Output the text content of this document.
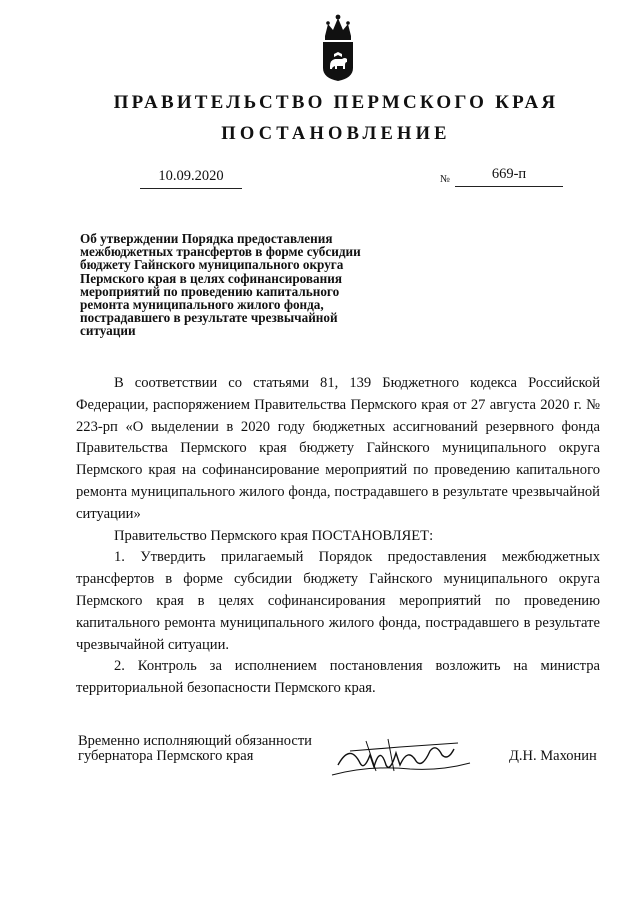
ПРАВИТЕЛЬСТВО ПЕРМСКОГО КРАЯ
ПОСТАНОВЛЕНИЕ
10.09.2020	№	669-п
Об утверждении Порядка предоставления
межбюджетных трансфертов в форме субсидии
бюджету Гайнского муниципального округа
Пермского края в целях софинансирования
мероприятий по проведению капитального
ремонта муниципального жилого фонда,
пострадавшего в результате чрезвычайной
ситуации
В соответствии со статьями 81, 139 Бюджетного кодекса Российской Федерации, распоряжением Правительства Пермского края от 27 августа 2020 г. № 223-рп «О выделении в 2020 году бюджетных ассигнований резервного фонда Правительства Пермского края бюджету Гайнского муниципального округа Пермского края на софинансирование мероприятий по проведению капитального ремонта муниципального жилого фонда, пострадавшего в результате чрезвычайной ситуации»
Правительство Пермского края ПОСТАНОВЛЯЕТ:
1. Утвердить прилагаемый Порядок предоставления межбюджетных трансфертов в форме субсидии бюджету Гайнского муниципального округа Пермского края в целях софинансирования мероприятий по проведению капитального ремонта муниципального жилого фонда, пострадавшего в результате чрезвычайной ситуации.
2. Контроль за исполнением постановления возложить на министра территориальной безопасности Пермского края.
Временно исполняющий обязанности
губернатора Пермского края	Д.Н. Махонин
